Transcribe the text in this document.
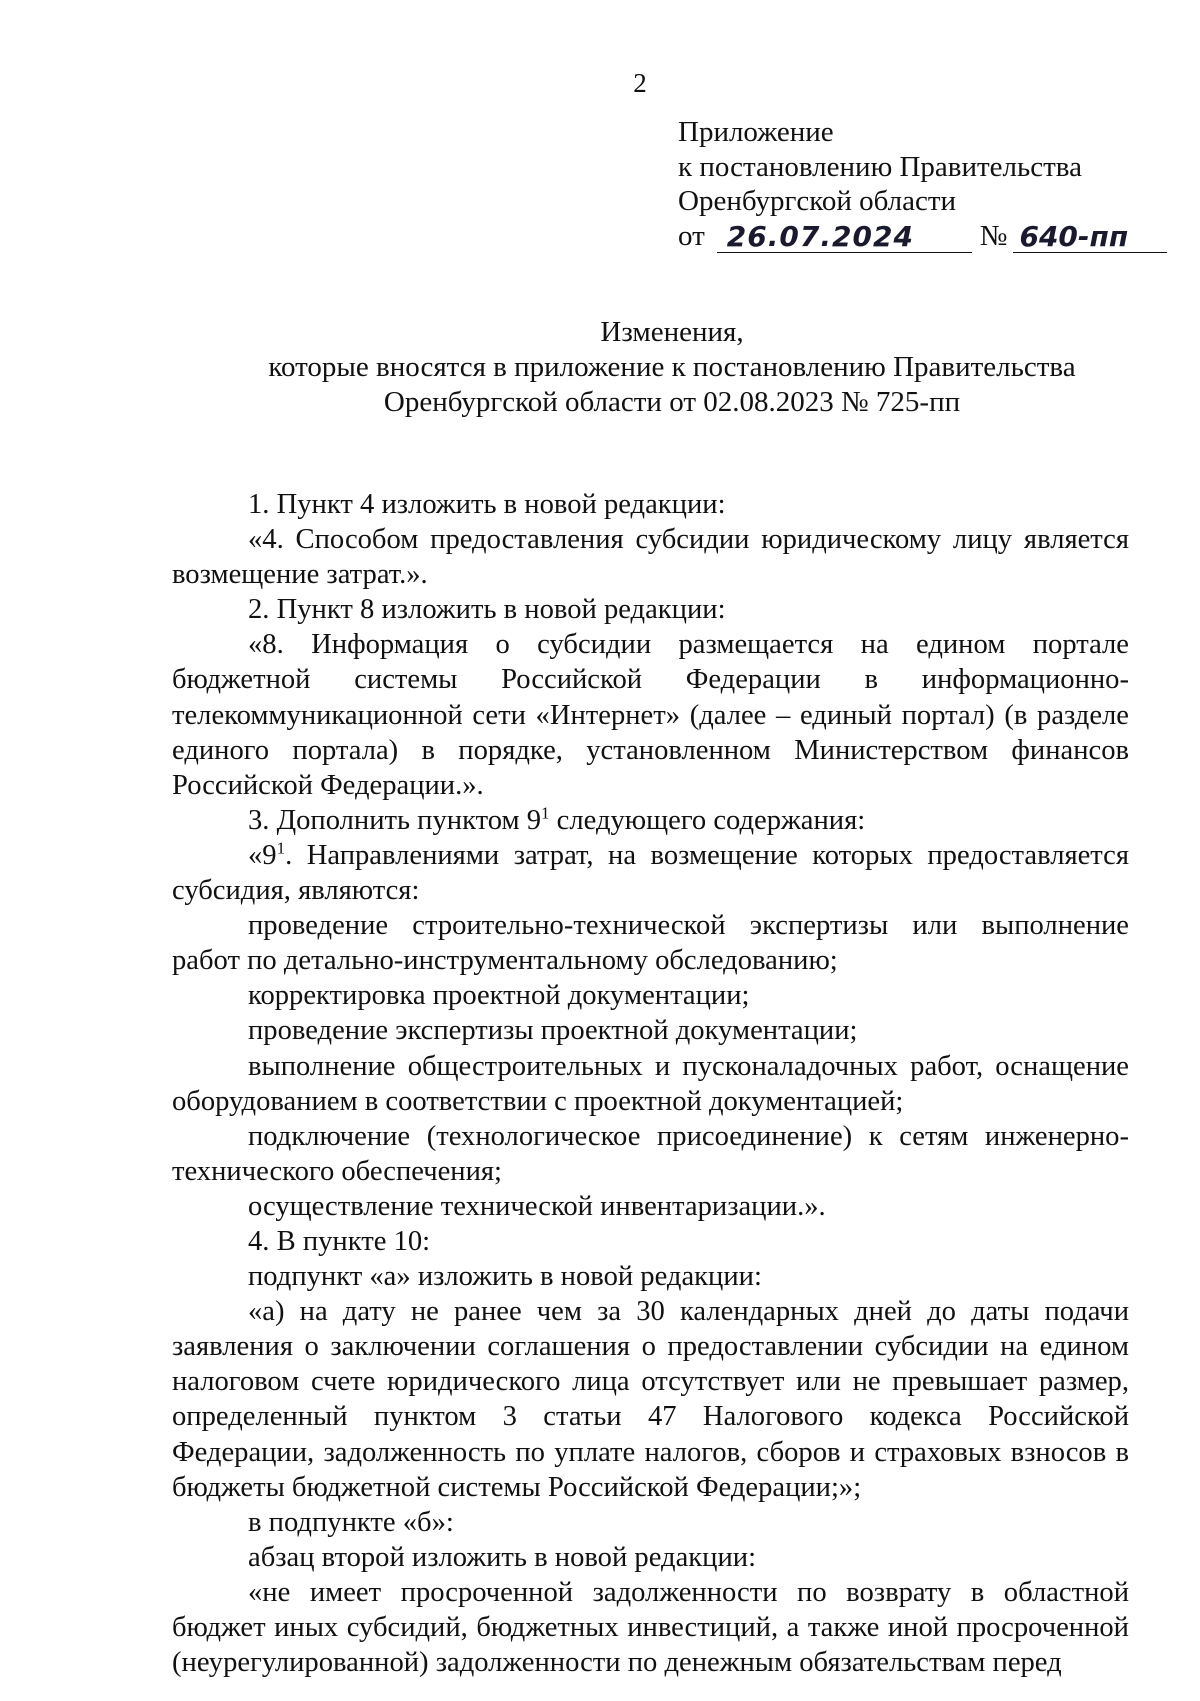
2
Приложение
к постановлению Правительства
Оренбургской области
от 26.07.2024	№ 640-пп
Изменения,
которые вносятся в приложение к постановлению Правительства
Оренбургской области от 02.08.2023 № 725-пп

1. Пункт 4 изложить в новой редакции:

«4. Способом предоставления субсидии юридическому лицу является возмещение затрат.».

2. Пункт 8 изложить в новой редакции:

«8. Информация о субсидии размещается на едином портале бюджетной системы Российской Федерации в информационно-телекоммуникационной сети «Интернет» (далее – единый портал) (в разделе единого портала) в порядке, установленном Министерством финансов Российской Федерации.».

3. Дополнить пунктом $9^1$ следующего содержания:

«$9^1$. Направлениями затрат, на возмещение которых предоставляется субсидия, являются:

проведение строительно-технической экспертизы или выполнение работ по детально-инструментальному обследованию;

корректировка проектной документации;

проведение экспертизы проектной документации;

выполнение общестроительных и пусконаладочных работ, оснащение оборудованием в соответствии с проектной документацией;

подключение (технологическое присоединение) к сетям инженерно-технического обеспечения;

осуществление технической инвентаризации.».

4. В пункте 10:

подпункт «а» изложить в новой редакции:

«а) на дату не ранее чем за 30 календарных дней до даты подачи заявления о заключении соглашения о предоставлении субсидии на едином налоговом счете юридического лица отсутствует или не превышает размер, определенный пунктом 3 статьи 47 Налогового кодекса Российской Федерации, задолженность по уплате налогов, сборов и страховых взносов в бюджеты бюджетной системы Российской Федерации;»;

в подпункте «б»:

абзац второй изложить в новой редакции:

«не имеет просроченной задолженности по возврату в областной бюджет иных субсидий, бюджетных инвестиций, а также иной просроченной (неурегулированной) задолженности по денежным обязательствам перед
